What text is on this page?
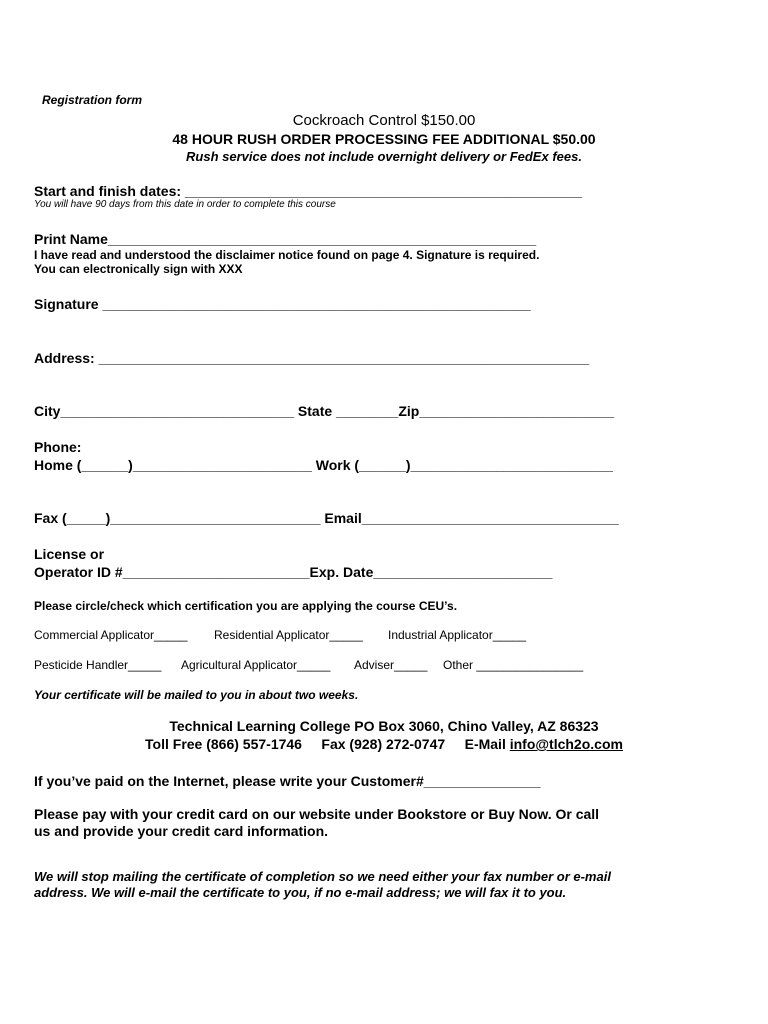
Registration form
Cockroach Control $150.00
48 HOUR RUSH ORDER PROCESSING FEE ADDITIONAL $50.00
Rush service does not include overnight delivery or FedEx fees.
Start and finish dates: ___________________________________________________
You will have 90 days from this date in order to complete this course
Print Name_______________________________________________________
I have read and understood the disclaimer notice found on page 4. Signature is required.
You can electronically sign with XXX
Signature _______________________________________________________
Address: _______________________________________________________________
City______________________________ State ________Zip_________________________
Phone:
Home (______)_______________________ Work (______)__________________________
Fax (_____)___________________________ Email_________________________________
License or
Operator ID #________________________Exp. Date_______________________
Please circle/check which certification you are applying the course CEU’s.
Commercial Applicator_____ Residential Applicator_____ Industrial Applicator_____
Pesticide Handler_____ Agricultural Applicator_____ Adviser_____ Other ________________
Your certificate will be mailed to you in about two weeks.
Technical Learning College PO Box 3060, Chino Valley, AZ 86323
Toll Free (866) 557-1746     Fax (928) 272-0747     E-Mail info@tlch2o.com
If you’ve paid on the Internet, please write your Customer#_______________
Please pay with your credit card on our website under Bookstore or Buy Now. Or call
us and provide your credit card information.
We will stop mailing the certificate of completion so we need either your fax number or e-mail
address. We will e-mail the certificate to you, if no e-mail address; we will fax it to you.
